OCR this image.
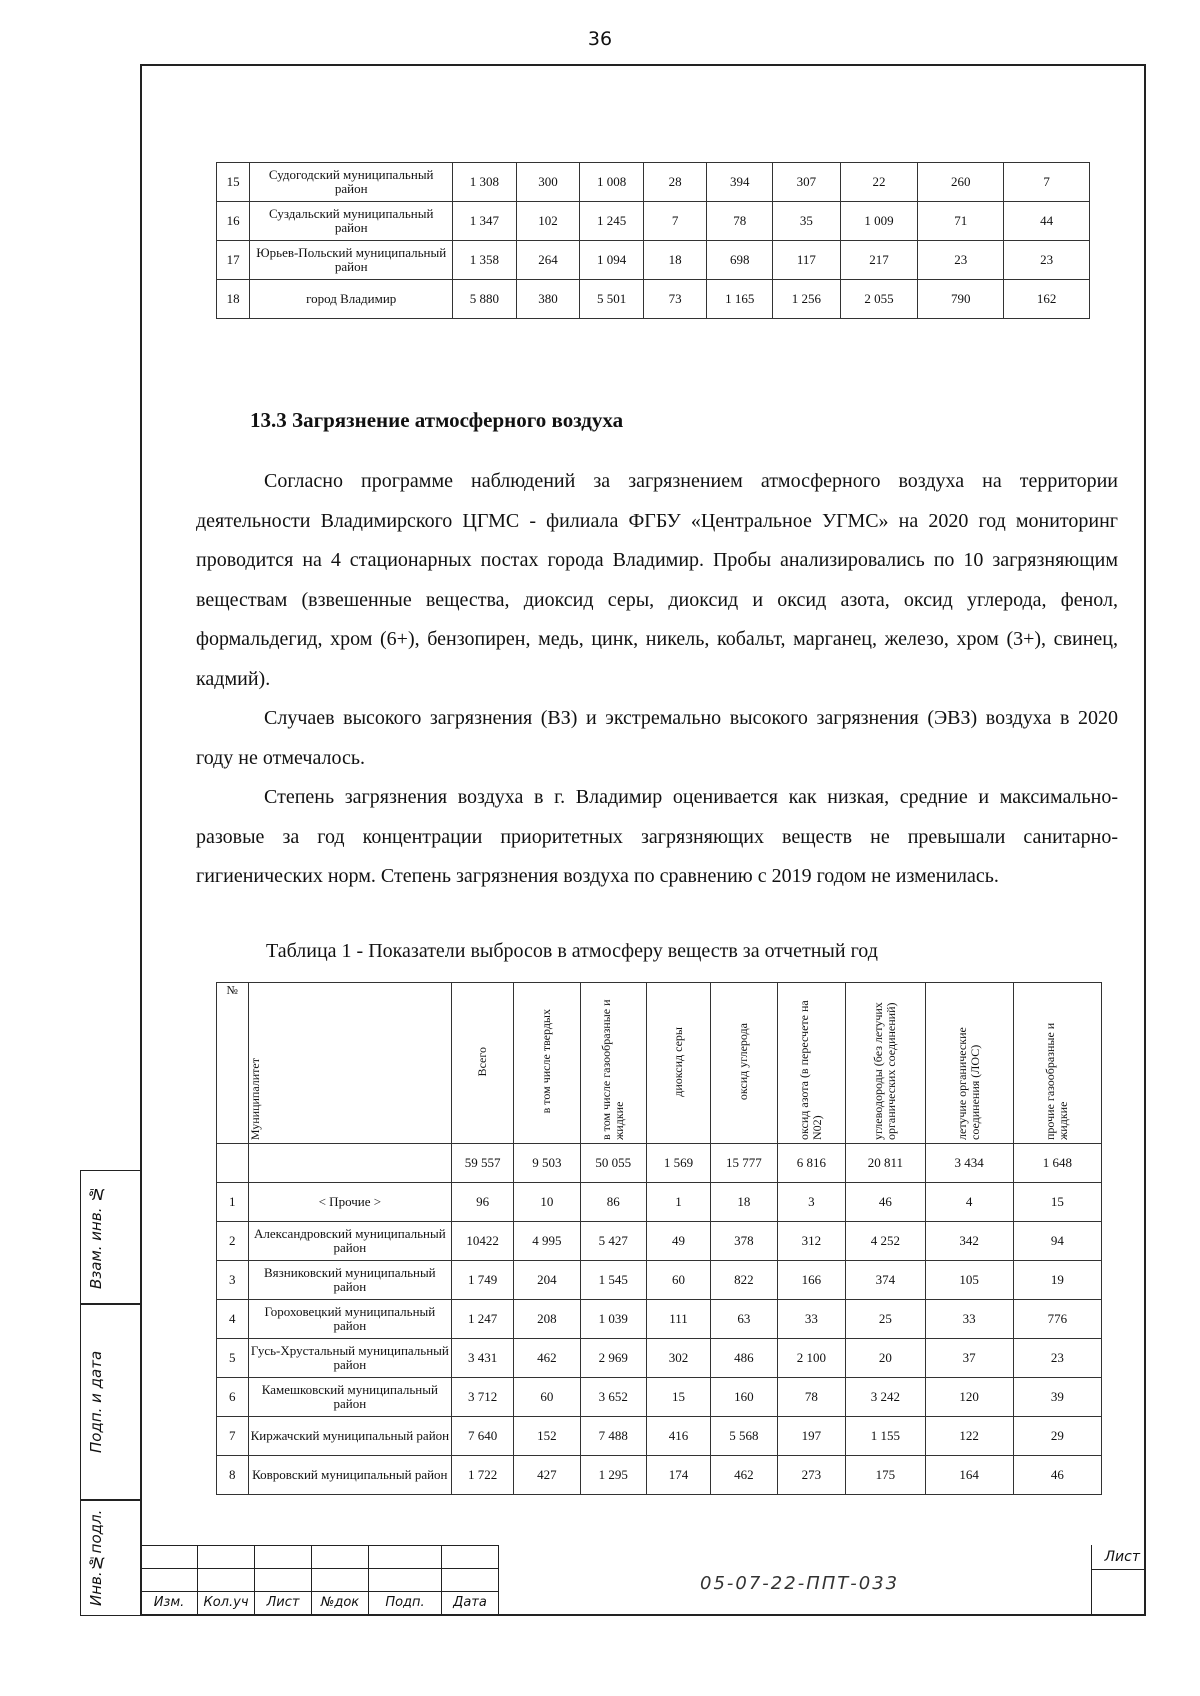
36
15	Судогодский муниципальный район	1 308	300	1 008	28	394	307	22	260	7
16	Суздальский муниципальный район	1 347	102	1 245	7	78	35	1 009	71	44
17	Юрьев-Польский муниципальный район	1 358	264	1 094	18	698	117	217	23	23
18	город Владимир	5 880	380	5 501	73	1 165	1 256	2 055	790	162
13.3 Загрязнение атмосферного воздуха

Согласно программе наблюдений за загрязнением атмосферного воздуха на территории деятельности Владимирского ЦГМС - филиала ФГБУ «Центральное УГМС» на 2020 год мониторинг проводится на 4 стационарных постах города Владимир. Пробы анализировались по 10 загрязняющим веществам (взвешенные вещества, диоксид серы, диоксид и оксид азота, оксид углерода, фенол, формальдегид, хром (6+), бензопирен, медь, цинк, никель, кобальт, марганец, железо, хром (3+), свинец, кадмий).

Случаев высокого загрязнения (ВЗ) и экстремально высокого загрязнения (ЭВЗ) воздуха в 2020 году не отмечалось.

Степень загрязнения воздуха в г. Владимир оценивается как низкая, средние и максимально-разовые за год концентрации приоритетных загрязняющих веществ не превышали санитарно-гигиенических норм. Степень загрязнения воздуха по сравнению с 2019 годом не изменилась.

Таблица 1 - Показатели выбросов в атмосферу веществ за отчетный год
№	Муниципалитет	Всего	в том числе твердых	в том числе газообразные и жидкие	диоксид серы	оксид углерода	оксид азота (в пересчете на N02)	углеводороды (без летучих органических соединений)	летучие органические соединения (ЛОС)	прочие газообразные и жидкие
		59 557	9 503	50 055	1 569	15 777	6 816	20 811	3 434	1 648
1	< Прочие >	96	10	86	1	18	3	46	4	15
2	Александровский муниципальный район	10422	4 995	5 427	49	378	312	4 252	342	94
3	Вязниковский муниципальный район	1 749	204	1 545	60	822	166	374	105	19
4	Гороховецкий муниципальный район	1 247	208	1 039	111	63	33	25	33	776
5	Гусь-Хрустальный муниципальный район	3 431	462	2 969	302	486	2 100	20	37	23
6	Камешковский муниципальный район	3 712	60	3 652	15	160	78	3 242	120	39
7	Киржачский муниципальный район	7 640	152	7 488	416	5 568	197	1 155	122	29
8	Ковровский муниципальный район	1 722	427	1 295	174	462	273	175	164	46
Взам. инв. №
Подп. и дата
Инв.№подл.

						Изм.	Кол.уч	Лист	№док	Подп.	Дата
05-07-22-ППТ-033
Лист
